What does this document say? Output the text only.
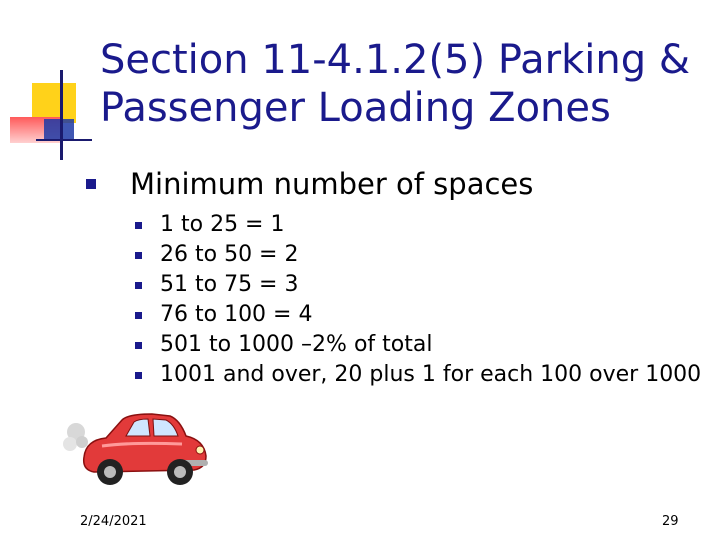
Section 11-4.1.2(5) Parking &
Passenger Loading Zones
Minimum number of spaces
1 to 25 = 1
26 to 50 = 2
51 to 75 = 3
76 to 100 = 4
501 to 1000 –2% of total
1001 and over, 20 plus 1 for each 100 over 1000
2/24/2021	29
